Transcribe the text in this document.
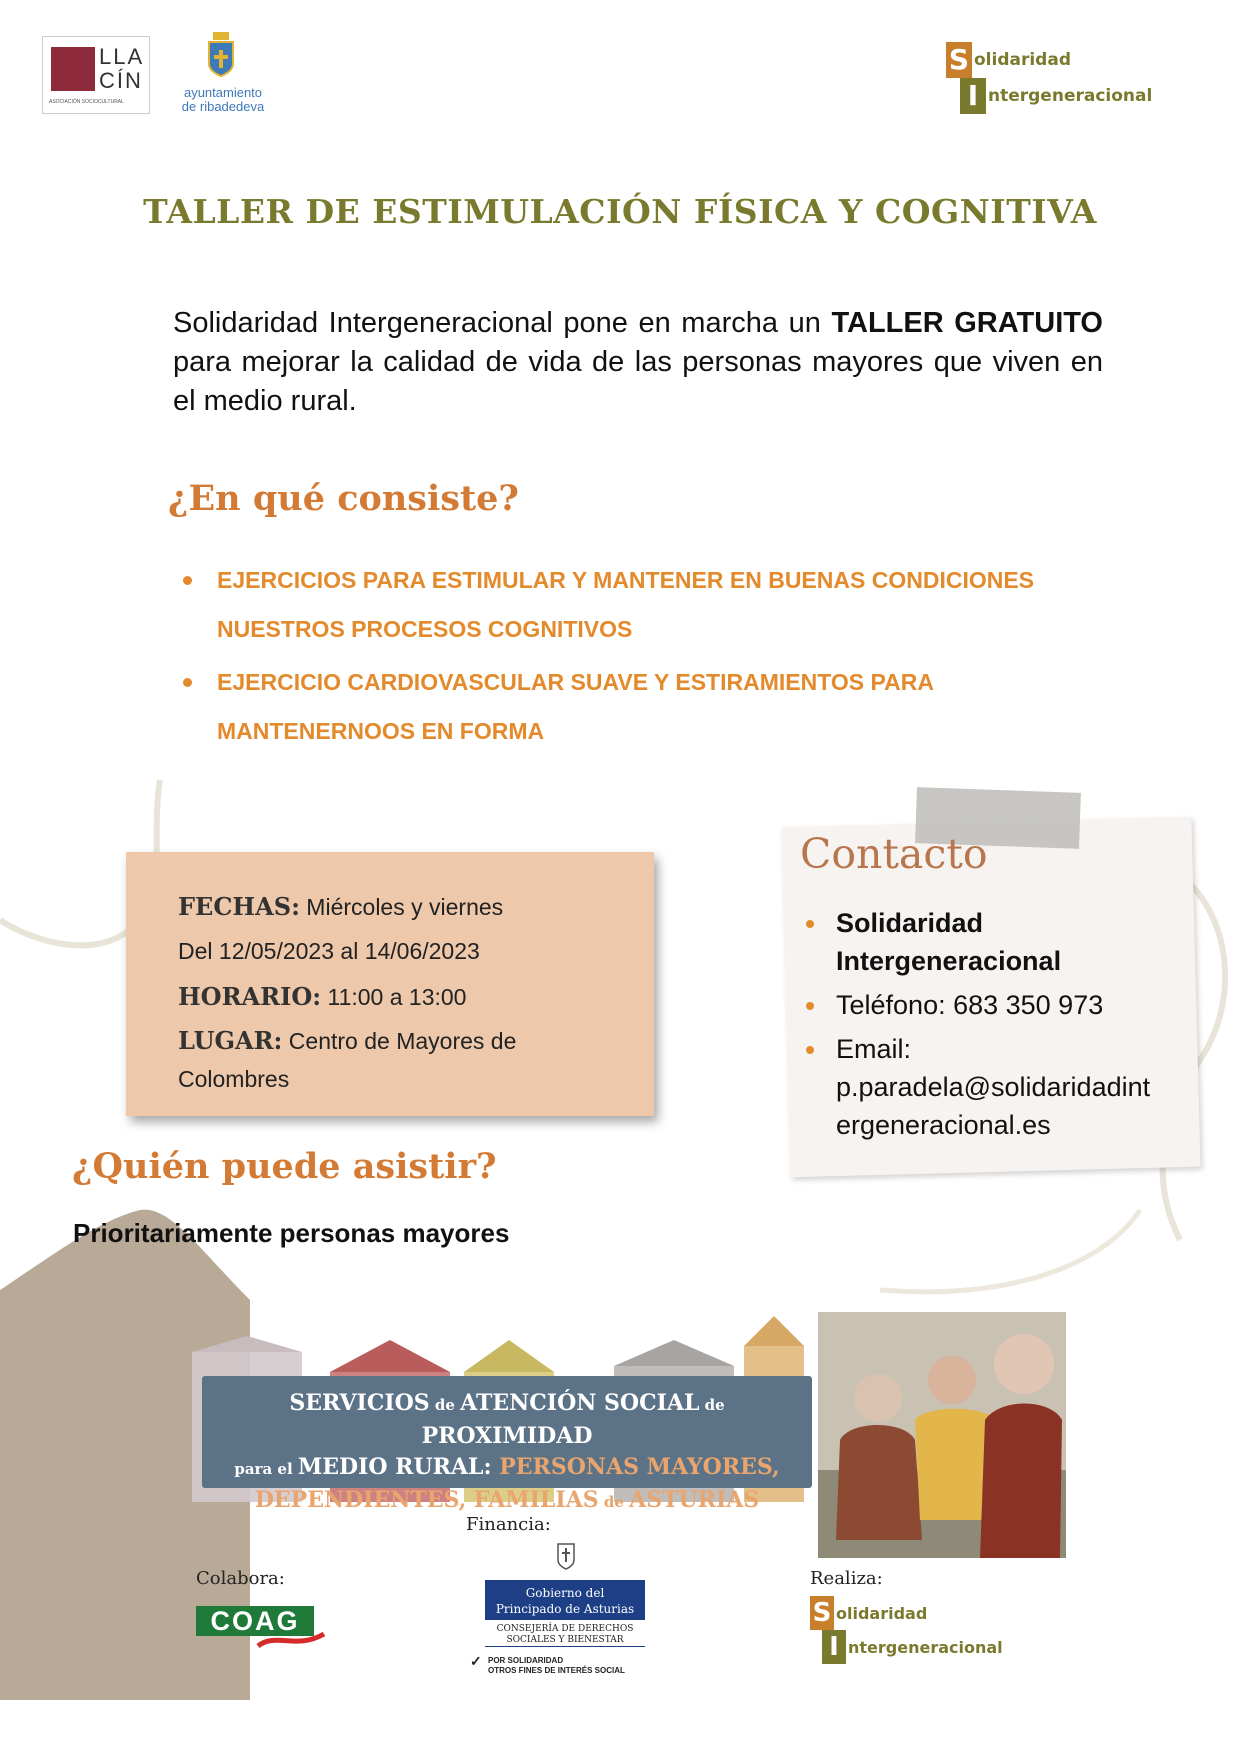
LLA
CÍN
ASOCIACIÓN SOCIOCULTURAL
ayuntamiento
de ribadedeva
S olidaridad
I ntergeneracional
TALLER DE ESTIMULACIÓN FÍSICA Y COGNITIVA
Solidaridad Intergeneracional pone en marcha un TALLER GRATUITO para mejorar la calidad de vida de las personas mayores que viven en el medio rural.
¿En qué consiste?
EJERCICIOS PARA ESTIMULAR Y MANTENER EN BUENAS CONDICIONES NUESTROS PROCESOS COGNITIVOS
EJERCICIO CARDIOVASCULAR SUAVE Y ESTIRAMIENTOS PARA MANTENERNOOS EN FORMA
FECHAS: Miércoles y viernes
Del 12/05/2023 al 14/06/2023
HORARIO: 11:00 a 13:00
LUGAR: Centro de Mayores de
Colombres
Contacto
Solidaridad Intergeneracional
Teléfono: 683 350 973
Email:
p.paradela@solidaridadintergeneracional.es
¿Quién puede asistir?
Prioritariamente personas mayores
SERVICIOS de ATENCIÓN SOCIAL de PROXIMIDAD
para el MEDIO RURAL: PERSONAS MAYORES,
DEPENDIENTES, FAMILIAS de ASTURIAS
Colabora:
Financia:
Realiza:
COAG
Gobierno del
Principado de Asturias
CONSEJERÍA DE DERECHOS
SOCIALES Y BIENESTAR
✓ POR SOLIDARIDAD
OTROS FINES DE INTERÉS SOCIAL
S olidaridad
I ntergeneracional
